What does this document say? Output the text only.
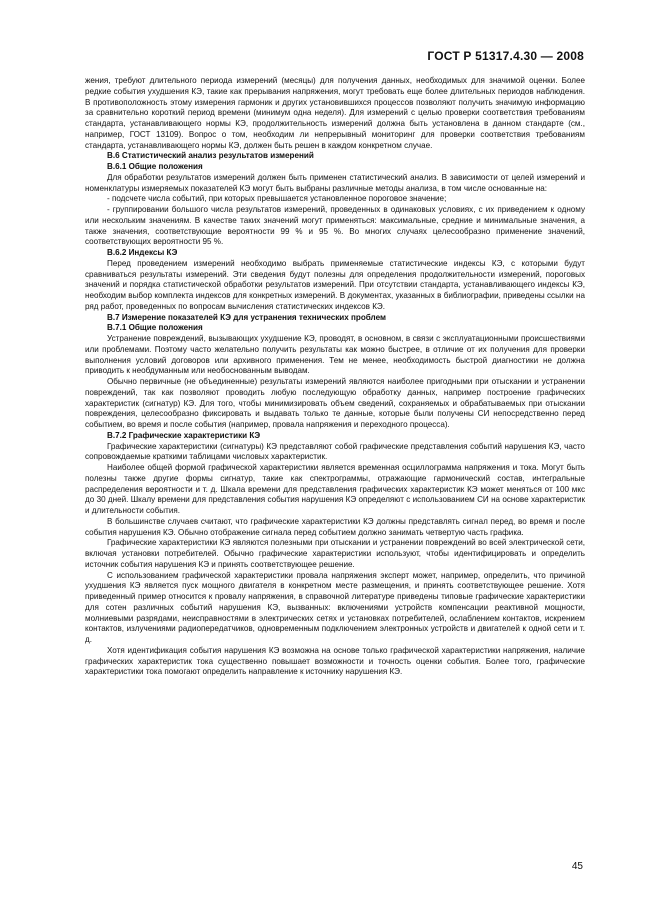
ГОСТ Р 51317.4.30 — 2008

жения, требуют длительного периода измерений (месяцы) для получения данных, необходимых для значимой оценки. Более редкие события ухудшения КЭ, такие как прерывания напряжения, могут требовать еще более длительных периодов наблюдения. В противоположность этому измерения гармоник и других установившихся процессов позволяют получить значимую информацию за сравнительно короткий период времени (минимум одна неделя). Для измерений с целью проверки соответствия требованиям стандарта, устанавливающего нормы КЭ, продолжительность измерений должна быть установлена в данном стандарте (см., например, ГОСТ 13109). Вопрос о том, необходим ли непрерывный мониторинг для проверки соответствия требованиям стандарта, устанавливающего нормы КЭ, должен быть решен в каждом конкретном случае.

В.6 Статистический анализ результатов измерений

В.6.1 Общие положения

Для обработки результатов измерений должен быть применен статистический анализ. В зависимости от целей измерений и номенклатуры измеряемых показателей КЭ могут быть выбраны различные методы анализа, в том числе основанные на:

- подсчете числа событий, при которых превышается установленное пороговое значение;

- группировании большого числа результатов измерений, проведенных в одинаковых условиях, с их приведением к одному или нескольким значениям. В качестве таких значений могут применяться: максимальные, средние и минимальные значения, а также значения, соответствующие вероятности 99 % и 95 %. Во многих случаях целесообразно применение значений, соответствующих вероятности 95 %.

В.6.2 Индексы КЭ

Перед проведением измерений необходимо выбрать применяемые статистические индексы КЭ, с которыми будут сравниваться результаты измерений. Эти сведения будут полезны для определения продолжительности измерений, пороговых значений и порядка статистической обработки результатов измерений. При отсутствии стандарта, устанавливающего индексы КЭ, необходим выбор комплекта индексов для конкретных измерений. В документах, указанных в библиографии, приведены ссылки на ряд работ, проведенных по вопросам вычисления статистических индексов КЭ.

В.7 Измерение показателей КЭ для устранения технических проблем

В.7.1 Общие положения

Устранение повреждений, вызывающих ухудшение КЭ, проводят, в основном, в связи с эксплуатационными происшествиями или проблемами. Поэтому часто желательно получить результаты как можно быстрее, в отличие от их получения для проверки выполнения условий договоров или архивного применения. Тем не менее, необходимость быстрой диагностики не должна приводить к необдуманным или необоснованным выводам.

Обычно первичные (не объединенные) результаты измерений являются наиболее пригодными при отыскании и устранении повреждений, так как позволяют проводить любую последующую обработку данных, например построение графических характеристик (сигнатур) КЭ. Для того, чтобы минимизировать объем сведений, сохраняемых и обрабатываемых при отыскании повреждения, целесообразно фиксировать и выдавать только те данные, которые были получены СИ непосредственно перед событием, во время и после события (например, провала напряжения и переходного процесса).

В.7.2 Графические характеристики КЭ

Графические характеристики (сигнатуры) КЭ представляют собой графические представления событий нарушения КЭ, часто сопровождаемые краткими таблицами числовых характеристик.

Наиболее общей формой графической характеристики является временная осциллограмма напряжения и тока. Могут быть полезны также другие формы сигнатур, такие как спектрограммы, отражающие гармонический состав, интегральные распределения вероятности и т. д. Шкала времени для представления графических характеристик КЭ может меняться от 100 мкс до 30 дней. Шкалу времени для представления события нарушения КЭ определяют с использованием СИ на основе характеристик и длительности события.

В большинстве случаев считают, что графические характеристики КЭ должны представлять сигнал перед, во время и после события нарушения КЭ. Обычно отображение сигнала перед событием должно занимать четвертую часть графика.

Графические характеристики КЭ являются полезными при отыскании и устранении повреждений во всей электрической сети, включая установки потребителей. Обычно графические характеристики используют, чтобы идентифицировать и определить источник события нарушения КЭ и принять соответствующее решение.

С использованием графической характеристики провала напряжения эксперт может, например, определить, что причиной ухудшения КЭ является пуск мощного двигателя в конкретном месте размещения, и принять соответствующее решение. Хотя приведенный пример относится к провалу напряжения, в справочной литературе приведены типовые графические характеристики для сотен различных событий нарушения КЭ, вызванных: включениями устройств компенсации реактивной мощности, молниевыми разрядами, неисправностями в электрических сетях и установках потребителей, ослаблением контактов, искрением контактов, излучениями радиопередатчиков, одновременным подключением электронных устройств и двигателей к одной сети и т. д.

Хотя идентификация события нарушения КЭ возможна на основе только графической характеристики напряжения, наличие графических характеристик тока существенно повышает возможности и точность оценки события. Более того, графические характеристики тока помогают определить направление к источнику нарушения КЭ.

45
